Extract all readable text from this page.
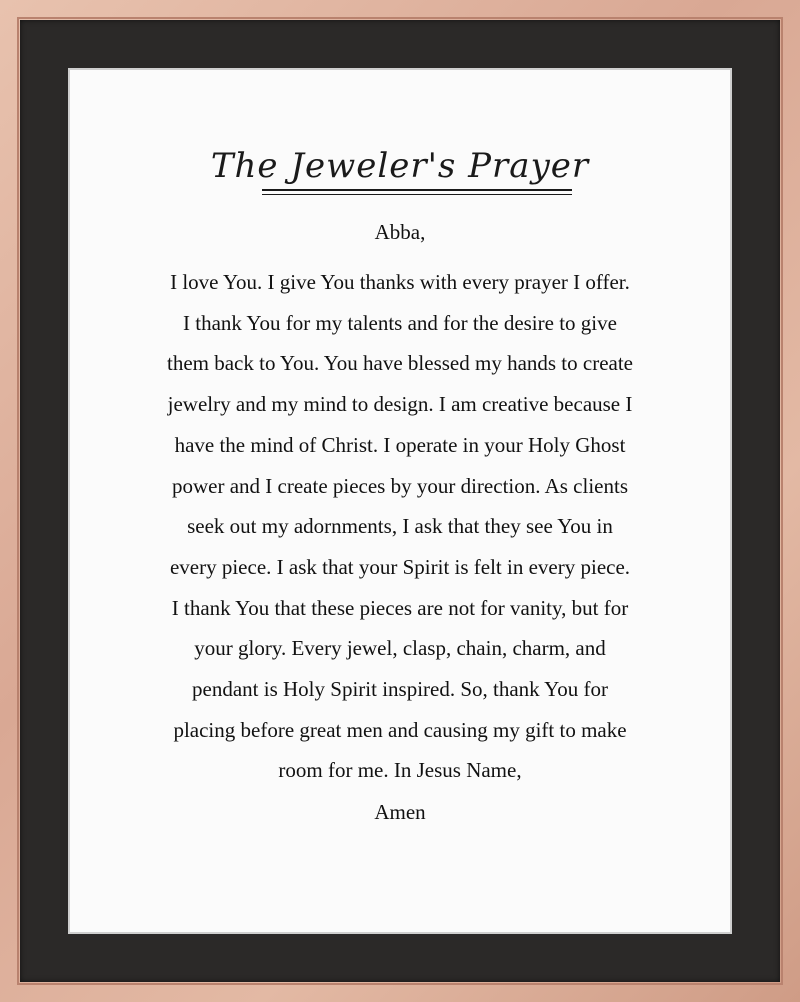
The Jeweler's Prayer
Abba,
I love You. I give You thanks with every prayer I offer.
I thank You for my talents and for the desire to give
them back to You. You have blessed my hands to create
jewelry and my mind to design. I am creative because I
have the mind of Christ. I operate in your Holy Ghost
power and I create pieces by your direction. As clients
seek out my adornments, I ask that they see You in
every piece. I ask that your Spirit is felt in every piece.
I thank You that these pieces are not for vanity, but for
your glory. Every jewel, clasp, chain, charm, and
pendant is Holy Spirit inspired. So, thank You for
placing before great men and causing my gift to make
room for me. In Jesus Name,
Amen
